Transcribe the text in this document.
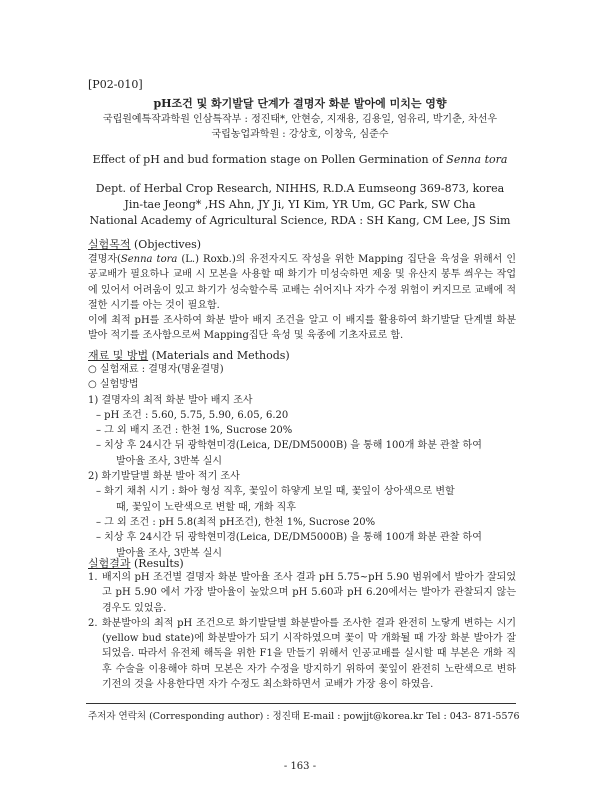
[P02-010]
pH조건 및 화기발달 단계가 결명자 화분 발아에 미치는 영향
국립원예특작과학원 인삼특작부 : 정진태*, 안현승, 지재용, 김용일, 엄유리, 박기춘, 차선우
국립농업과학원 : 강상호, 이창욱, 심준수
Effect of pH and bud formation stage on Pollen Germination of Senna tora
Dept. of Herbal Crop Research, NIHHS, R.D.A Eumseong 369-873, korea
Jin-tae Jeong* ,HS Ahn, JY Ji, YI Kim, YR Um, GC Park, SW Cha
National Academy of Agricultural Science, RDA : SH Kang, CM Lee, JS Sim
실험목적 (Objectives)
결명자(Senna tora (L.) Roxb.)의 유전자지도 작성을 위한 Mapping 집단을 육성을 위해서 인공교배가 필요하나 교배 시 모본을 사용할 때 화기가 미성숙하면 제웅 및 유산지 봉투 씌우는 작업에 있어서 어려움이 있고 화기가 성숙할수록 교배는 쉬어지나 자가 수정 위험이 커지므로 교배에 적절한 시기를 아는 것이 필요함.
이에 최적 pH를 조사하여 화분 발아 배지 조건을 알고 이 배지를 활용하여 화기발달 단계별 화분 발아 적기를 조사함으로써 Mapping집단 육성 및 육종에 기초자료로 함.
재료 및 방법 (Materials and Methods)
○ 실험재료 : 결명자(명윤결명)
○ 실험방법
1) 결명자의 최적 화분 발아 배지 조사
– pH 조건 : 5.60, 5.75, 5.90, 6.05, 6.20
– 그 외 배지 조건 : 한천 1%, Sucrose 20%
– 치상 후 24시간 뒤 광학현미경(Leica, DE/DM5000B) 을 통해 100개 화분 관찰 하여
발아율 조사, 3반복 실시
2) 화기발달별 화분 발아 적기 조사
– 화기 채취 시기 : 화아 형성 직후, 꽃잎이 하얗게 보일 때, 꽃잎이 상아색으로 변할
때, 꽃잎이 노란색으로 변할 때, 개화 직후
– 그 외 조건 : pH 5.8(최적 pH조건), 한천 1%, Sucrose 20%
– 치상 후 24시간 뒤 광학현미경(Leica, DE/DM5000B) 을 통해 100개 화분 관찰 하여
발아율 조사, 3반복 실시
실험결과 (Results)
1. 배지의 pH 조건별 결명자 화분 발아율 조사 결과 pH 5.75~pH 5.90 범위에서 발아가 잘되었고 pH 5.90 에서 가장 발아율이 높았으며 pH 5.60과 pH 6.20에서는 발아가 관찰되지 않는 경우도 있었음.
2. 화분발아의 최적 pH 조건으로 화기발달별 화분발아를 조사한 결과 완전히 노랗게 변하는 시기(yellow bud state)에 화분발아가 되기 시작하였으며 꽃이 막 개화될 때 가장 화분 발아가 잘되었음. 따라서 유전체 해독을 위한 F1을 만들기 위해서 인공교배를 실시할 때 부본은 개화 직후 수술을 이용해야 하며 모본은 자가 수정을 방지하기 위하여 꽃잎이 완전히 노란색으로 변하기전의 것을 사용한다면 자가 수정도 최소화하면서 교배가 가장 용이 하였음.
주저자 연락처 (Corresponding author) : 정진태 E-mail : powjjt@korea.kr Tel : 043- 871-5576
- 163 -
